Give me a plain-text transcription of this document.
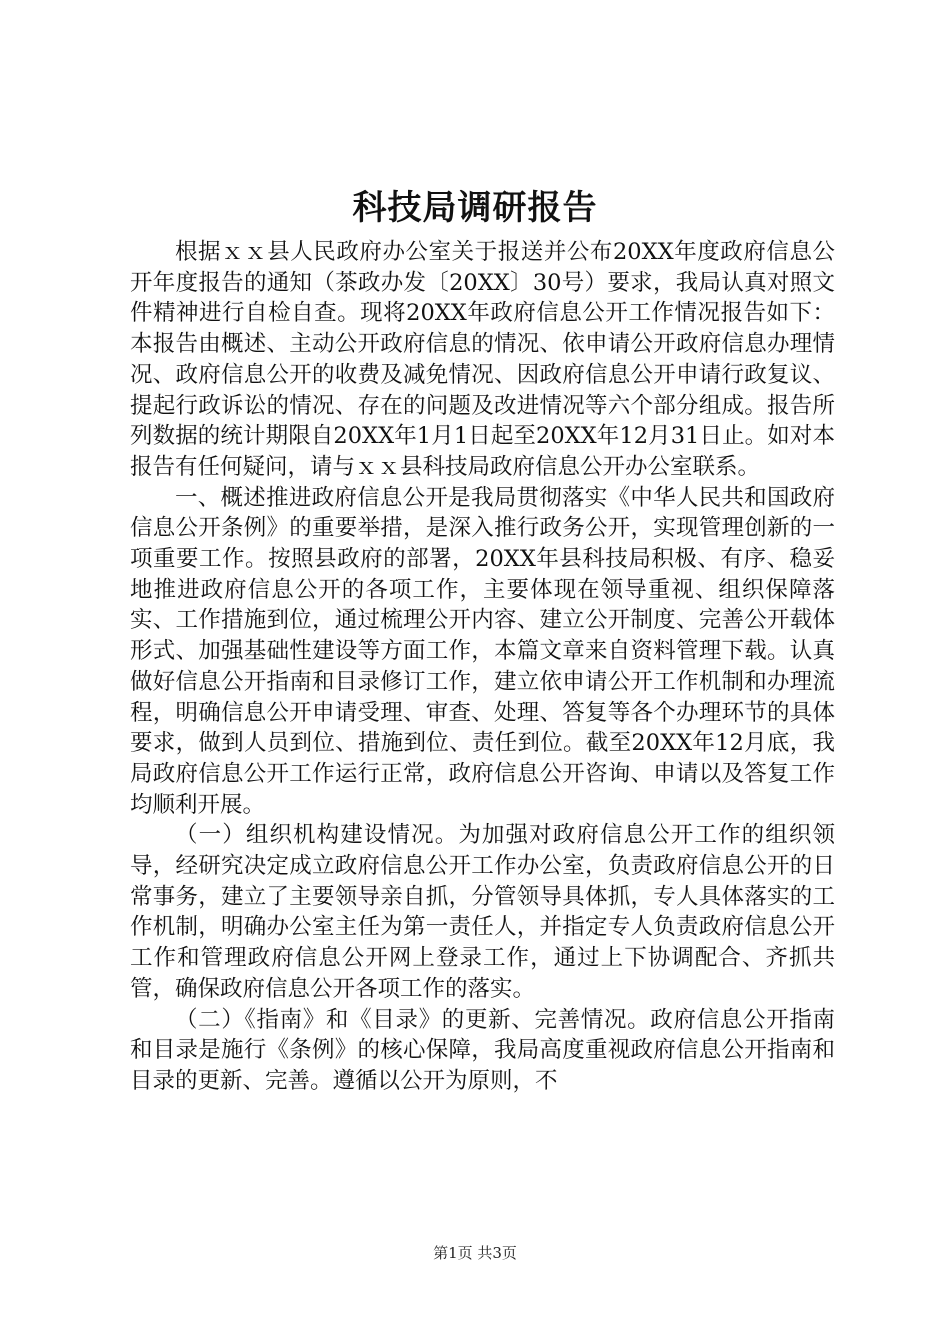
科技局调研报告

根据ｘｘ县人民政府办公室关于报送并公布20XX年度政府信息公开年度报告的通知（茶政办发〔20XX〕30号）要求，我局认真对照文件精神进行自检自查。现将20XX年政府信息公开工作情况报告如下：本报告由概述、主动公开政府信息的情况、依申请公开政府信息办理情况、政府信息公开的收费及减免情况、因政府信息公开申请行政复议、提起行政诉讼的情况、存在的问题及改进情况等六个部分组成。报告所列数据的统计期限自20XX年1月1日起至20XX年12月31日止。如对本报告有任何疑问，请与ｘｘ县科技局政府信息公开办公室联系。

一、概述推进政府信息公开是我局贯彻落实《中华人民共和国政府信息公开条例》的重要举措，是深入推行政务公开，实现管理创新的一项重要工作。按照县政府的部署，20XX年县科技局积极、有序、稳妥地推进政府信息公开的各项工作，主要体现在领导重视、组织保障落实、工作措施到位，通过梳理公开内容、建立公开制度、完善公开载体形式、加强基础性建设等方面工作，本篇文章来自资料管理下载。认真做好信息公开指南和目录修订工作，建立依申请公开工作机制和办理流程，明确信息公开申请受理、审查、处理、答复等各个办理环节的具体要求，做到人员到位、措施到位、责任到位。截至20XX年12月底，我局政府信息公开工作运行正常，政府信息公开咨询、申请以及答复工作均顺利开展。

（一）组织机构建设情况。为加强对政府信息公开工作的组织领导，经研究决定成立政府信息公开工作办公室，负责政府信息公开的日常事务，建立了主要领导亲自抓，分管领导具体抓，专人具体落实的工作机制，明确办公室主任为第一责任人，并指定专人负责政府信息公开工作和管理政府信息公开网上登录工作，通过上下协调配合、齐抓共管，确保政府信息公开各项工作的落实。

（二）《指南》和《目录》的更新、完善情况。政府信息公开指南和目录是施行《条例》的核心保障，我局高度重视政府信息公开指南和目录的更新、完善。遵循以公开为原则，不

第1页 共3页
